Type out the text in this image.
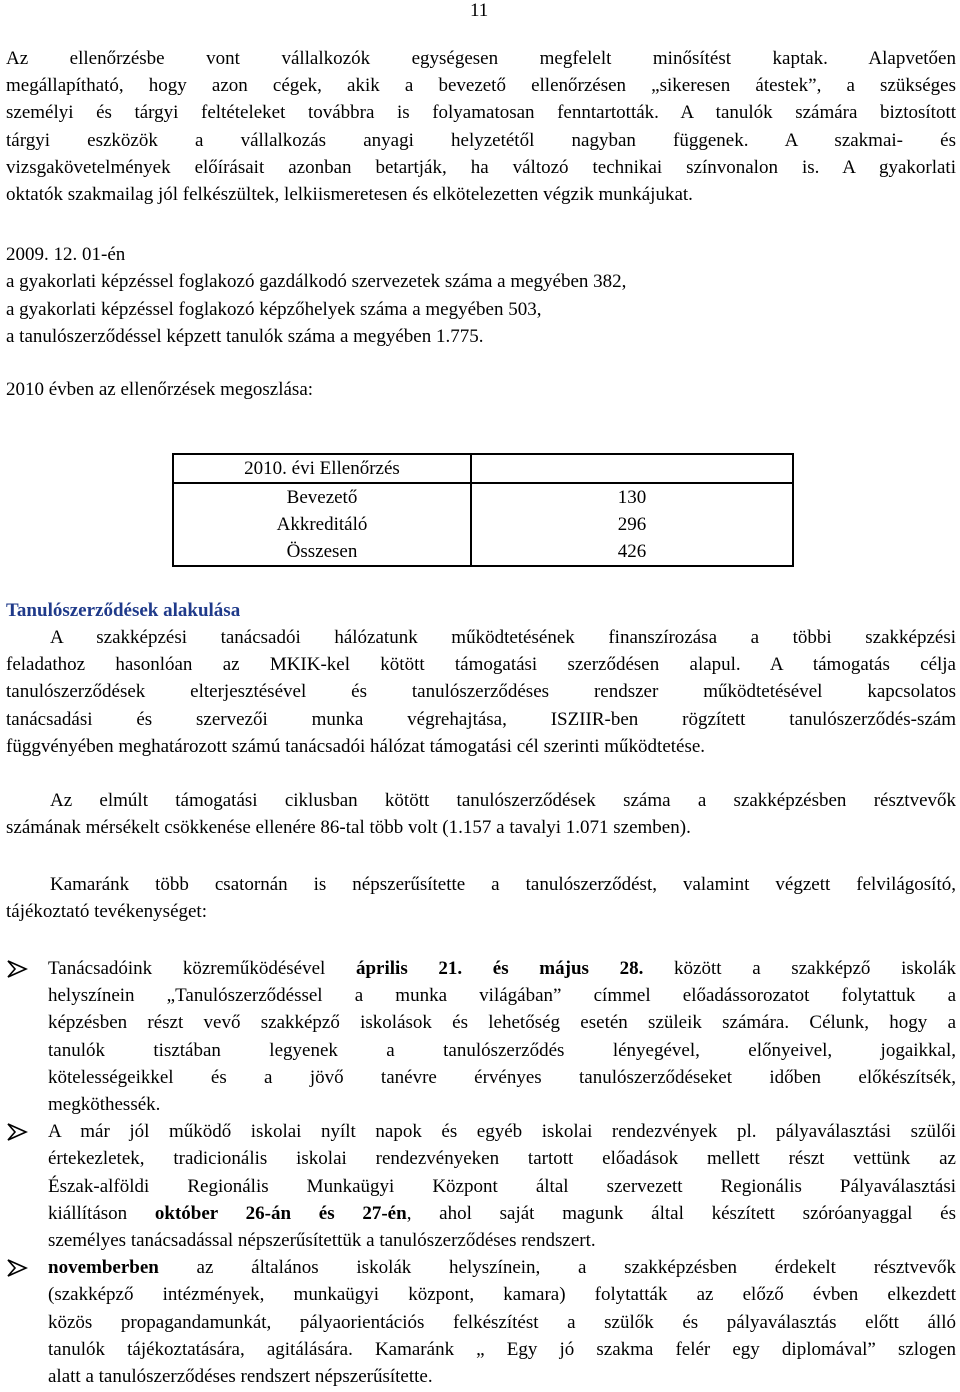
11
Az ellenőrzésbe vont vállalkozók egységesen megfelelt minősítést kaptak. Alapvetően
megállapítható, hogy azon cégek, akik a bevezető ellenőrzésen „sikeresen átestek”, a szükséges
személyi és tárgyi feltételeket továbbra is folyamatosan fenntartották. A tanulók számára biztosított
tárgyi eszközök a vállalkozás anyagi helyzetétől nagyban függenek. A szakmai- és
vizsgakövetelmények előírásait azonban betartják, ha változó technikai színvonalon is. A gyakorlati
oktatók szakmailag jól felkészültek, lelkiismeretesen és elkötelezetten végzik munkájukat.
2009. 12. 01-én
a gyakorlati képzéssel foglakozó gazdálkodó szervezetek száma a megyében 382,
a gyakorlati képzéssel foglakozó képzőhelyek száma a megyében 503,
a tanulószerződéssel képzett tanulók száma a megyében 1.775.
2010 évben az ellenőrzések megoszlása:
2010. évi Ellenőrzés	
Bevezető	130
Akkreditáló	296
Összesen	426
Tanulószerződések alakulása
A szakképzési tanácsadói hálózatunk működtetésének finanszírozása a többi szakképzési
feladathoz hasonlóan az MKIK-kel kötött támogatási szerződésen alapul. A támogatás célja
tanulószerződések elterjesztésével és tanulószerződéses rendszer működtetésével kapcsolatos
tanácsadási és szervezői munka végrehajtása, ISZIIR-ben rögzített tanulószerződés-szám
függvényében meghatározott számú tanácsadói hálózat támogatási cél szerinti működtetése.
Az elmúlt támogatási ciklusban kötött tanulószerződések száma a szakképzésben résztvevők
számának mérsékelt csökkenése ellenére 86-tal több volt (1.157 a tavalyi 1.071 szemben).
Kamaránk több csatornán is népszerűsítette a tanulószerződést, valamint végzett felvilágosító,
tájékoztató tevékenységet:
Tanácsadóink közreműködésével április 21. és május 28. között a szakképző iskolák
helyszínein „Tanulószerződéssel a munka világában” címmel előadássorozatot folytattuk a
képzésben részt vevő szakképző iskolások és lehetőség esetén szüleik számára. Célunk, hogy a
tanulók tisztában legyenek a tanulószerződés lényegével, előnyeivel, jogaikkal,
kötelességeikkel és a jövő tanévre érvényes tanulószerződéseket időben előkészítsék,
megköthessék.
A már jól működő iskolai nyílt napok és egyéb iskolai rendezvények pl. pályaválasztási szülői
értekezletek, tradicionális iskolai rendezvényeken tartott előadások mellett részt vettünk az
Észak-alföldi Regionális Munkaügyi Központ által szervezett Regionális Pályaválasztási
kiállításon október 26-án és 27-én, ahol saját magunk által készített szóróanyaggal és
személyes tanácsadással népszerűsítettük a tanulószerződéses rendszert.
novemberben az általános iskolák helyszínein, a szakképzésben érdekelt résztvevők
(szakképző intézmények, munkaügyi központ, kamara) folytatták az előző évben elkezdett
közös propagandamunkát, pályaorientációs felkészítést a szülők és pályaválasztás előtt álló
tanulók tájékoztatására, agitálására. Kamaránk „ Egy jó szakma felér egy diplomával” szlogen
alatt a tanulószerződéses rendszert népszerűsítette.
